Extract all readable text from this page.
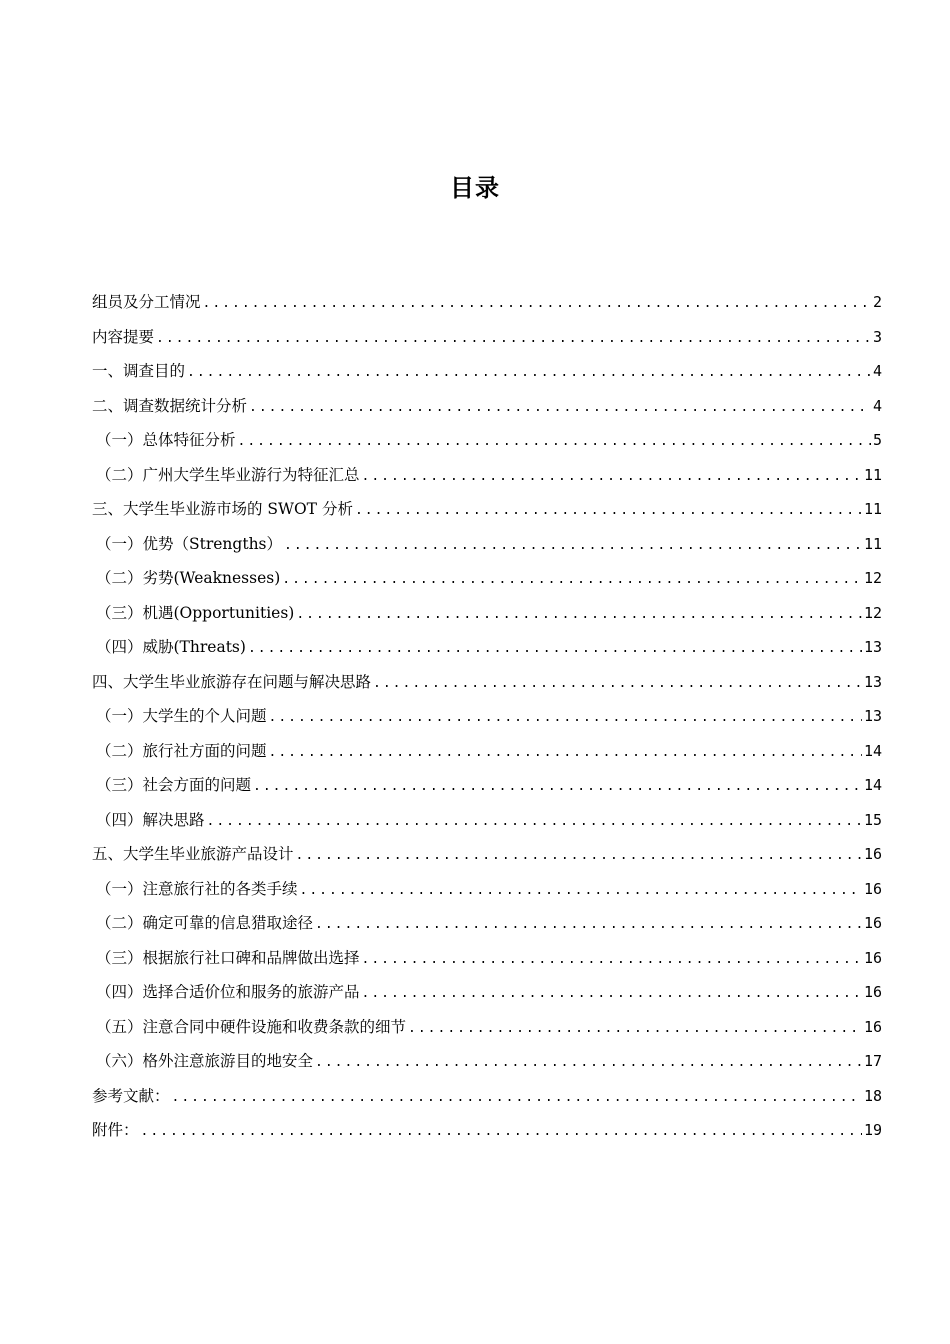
目录
组员及分工情况 .....	2
内容提要 .....	3
一、调查目的 .....	4
二、调查数据统计分析 .....	4
（一）总体特征分析 .....	5
（二）广州大学生毕业游行为特征汇总 .....	11
三、大学生毕业游市场的 SWOT 分析 .....	11
（一）优势（Strengths） .....	11
（二）劣势(Weaknesses) .....	12
（三）机遇(Opportunities) .....	12
（四）威胁(Threats) .....	13
四、大学生毕业旅游存在问题与解决思路 .....	13
（一）大学生的个人问题 .....	13
（二）旅行社方面的问题 .....	14
（三）社会方面的问题 .....	14
（四）解决思路 .....	15
五、大学生毕业旅游产品设计 .....	16
（一）注意旅行社的各类手续 .....	16
（二）确定可靠的信息猎取途径 .....	16
（三）根据旅行社口碑和品牌做出选择 .....	16
（四）选择合适价位和服务的旅游产品 .....	16
（五）注意合同中硬件设施和收费条款的细节 .....	16
（六）格外注意旅游目的地安全 .....	17
参考文献： .....	18
附件： .....	19
